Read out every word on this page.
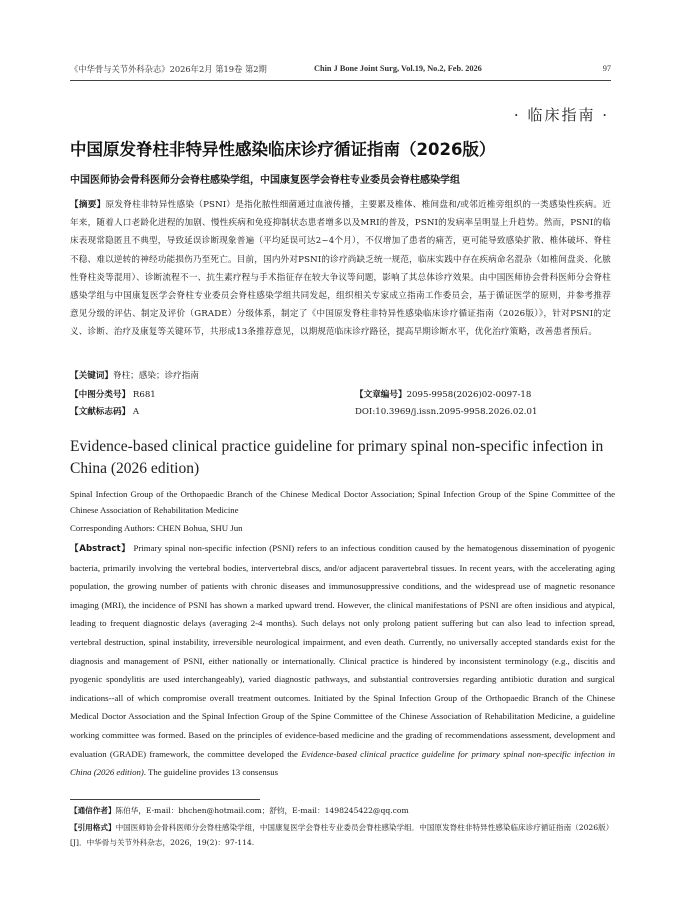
《中华骨与关节外科杂志》2026年2月 第19卷 第2期	Chin J Bone Joint Surg, Vol.19, No.2, Feb. 2026	97
· 临床指南 ·
中国原发脊柱非特异性感染临床诊疗循证指南（2026版）
中国医师协会骨科医师分会脊柱感染学组，中国康复医学会脊柱专业委员会脊柱感染学组
【摘要】原发脊柱非特异性感染（PSNI）是指化脓性细菌通过血液传播，主要累及椎体、椎间盘和/或邻近椎旁组织的一类感染性疾病。近年来，随着人口老龄化进程的加剧、慢性疾病和免疫抑制状态患者增多以及MRI的普及，PSNI的发病率呈明显上升趋势。然而，PSNI的临床表现常隐匿且不典型，导致延误诊断现象普遍（平均延误可达2~4个月），不仅增加了患者的痛苦，更可能导致感染扩散、椎体破坏、脊柱不稳、难以逆转的神经功能损伤乃至死亡。目前，国内外对PSNI的诊疗尚缺乏统一规范，临床实践中存在疾病命名混杂（如椎间盘炎、化脓性脊柱炎等混用）、诊断流程不一、抗生素疗程与手术指征存在较大争议等问题，影响了其总体诊疗效果。由中国医师协会骨科医师分会脊柱感染学组与中国康复医学会脊柱专业委员会脊柱感染学组共同发起，组织相关专家成立指南工作委员会，基于循证医学的原则，并参考推荐意见分级的评估、制定及评价（GRADE）分级体系，制定了《中国原发脊柱非特异性感染临床诊疗循证指南（2026版）》，针对PSNI的定义、诊断、治疗及康复等关键环节，共形成13条推荐意见，以期规范临床诊疗路径，提高早期诊断水平，优化治疗策略，改善患者预后。
【关键词】脊柱；感染；诊疗指南
【中图分类号】 R681	【文章编号】2095-9958(2026)02-0097-18
【文献标志码】 A	DOI:10.3969/j.issn.2095-9958.2026.02.01
Evidence-based clinical practice guideline for primary spinal non-specific infection in China (2026 edition)
Spinal Infection Group of the Orthopaedic Branch of the Chinese Medical Doctor Association; Spinal Infection Group of the Spine Committee of the Chinese Association of Rehabilitation Medicine
Corresponding Authors: CHEN Bohua, SHU Jun
【Abstract】 Primary spinal non-specific infection (PSNI) refers to an infectious condition caused by the hematogenous dissemination of pyogenic bacteria, primarily involving the vertebral bodies, intervertebral discs, and/or adjacent paravertebral tissues. In recent years, with the accelerating aging population, the growing number of patients with chronic diseases and immunosuppressive conditions, and the widespread use of magnetic resonance imaging (MRI), the incidence of PSNI has shown a marked upward trend. However, the clinical manifestations of PSNI are often insidious and atypical, leading to frequent diagnostic delays (averaging 2-4 months). Such delays not only prolong patient suffering but can also lead to infection spread, vertebral destruction, spinal instability, irreversible neurological impairment, and even death. Currently, no universally accepted standards exist for the diagnosis and management of PSNI, either nationally or internationally. Clinical practice is hindered by inconsistent terminology (e.g., discitis and pyogenic spondylitis are used interchangeably), varied diagnostic pathways, and substantial controversies regarding antibiotic duration and surgical indications--all of which compromise overall treatment outcomes. Initiated by the Spinal Infection Group of the Orthopaedic Branch of the Chinese Medical Doctor Association and the Spinal Infection Group of the Spine Committee of the Chinese Association of Rehabilitation Medicine, a guideline working committee was formed. Based on the principles of evidence-based medicine and the grading of recommendations assessment, development and evaluation (GRADE) framework, the committee developed the Evidence-based clinical practice guideline for primary spinal non-specific infection in China (2026 edition). The guideline provides 13 consensus
【通信作者】陈伯华，E-mail：bhchen@hotmail.com；舒钧，E-mail：1498245422@qq.com
【引用格式】中国医师协会骨科医师分会脊柱感染学组，中国康复医学会脊柱专业委员会脊柱感染学组．中国原发脊柱非特异性感染临床诊疗循证指南（2026版）[J]．中华骨与关节外科杂志，2026，19(2)：97-114.
